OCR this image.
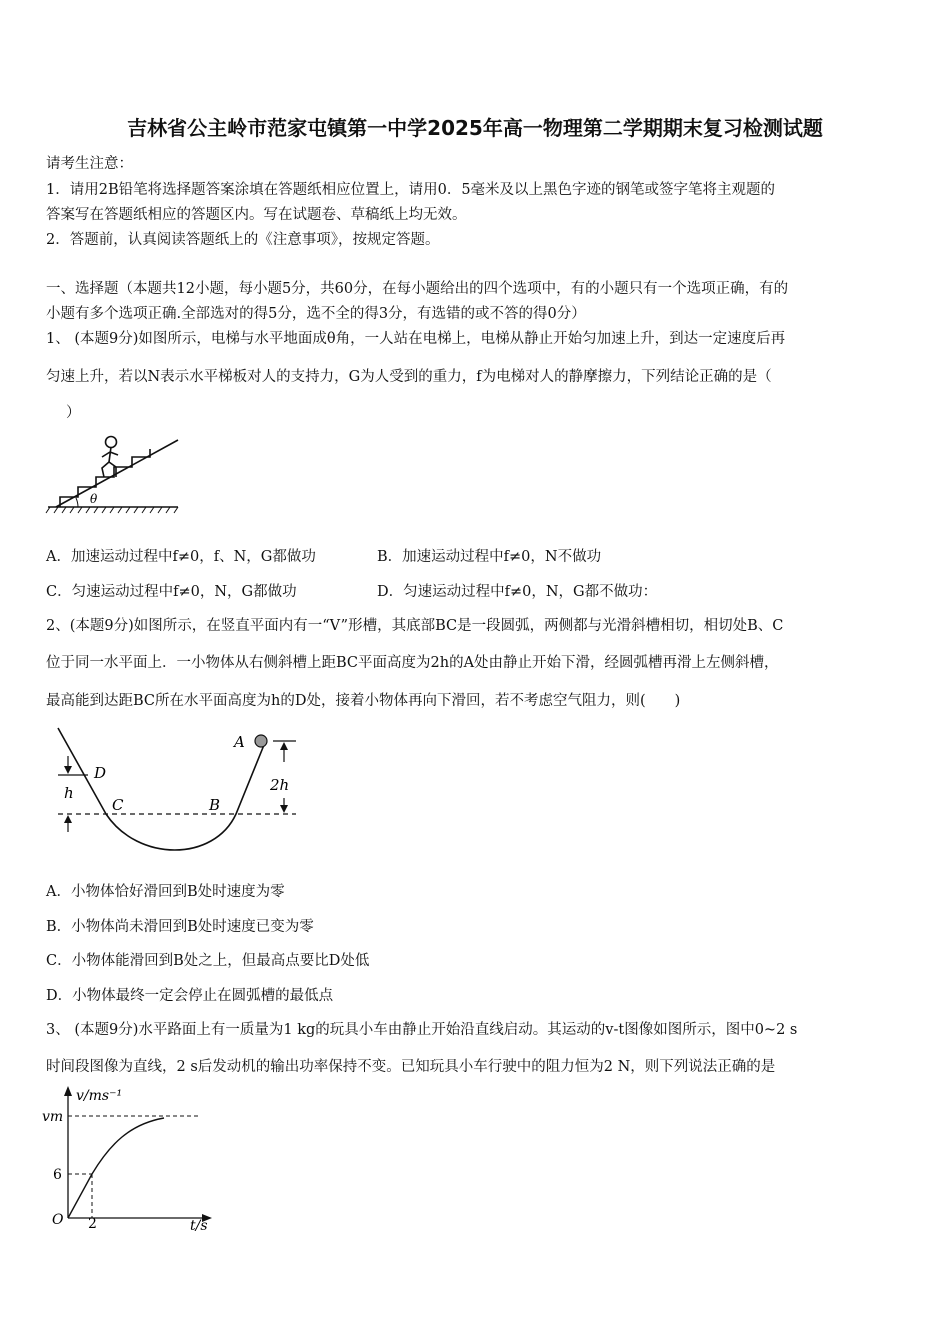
吉林省公主岭市范家屯镇第一中学2025年高一物理第二学期期末复习检测试题
请考生注意：
1．请用2B铅笔将选择题答案涂填在答题纸相应位置上，请用0．5毫米及以上黑色字迹的钢笔或签字笔将主观题的
答案写在答题纸相应的答题区内。写在试题卷、草稿纸上均无效。
2．答题前，认真阅读答题纸上的《注意事项》，按规定答题。
一、选择题（本题共12小题，每小题5分，共60分，在每小题给出的四个选项中，有的小题只有一个选项正确，有的
小题有多个选项正确.全部选对的得5分，选不全的得3分，有选错的或不答的得0分）
1、 (本题9分)如图所示，电梯与水平地面成θ角，一人站在电梯上，电梯从静止开始匀加速上升，到达一定速度后再
匀速上升，若以N表示水平梯板对人的支持力，G为人受到的重力，f为电梯对人的静摩擦力，下列结论正确的是（
）
θ
A．加速运动过程中f≠0，f、N，G都做功	B．加速运动过程中f≠0，N不做功
C．匀速运动过程中f≠0，N，G都做功	D．匀速运动过程中f≠0，N，G都不做功：
2、(本题9分)如图所示，在竖直平面内有一“V”形槽，其底部BC是一段圆弧，两侧都与光滑斜槽相切，相切处B、C
位于同一水平面上．一小物体从右侧斜槽上距BC平面高度为2h的A处由静止开始下滑，经圆弧槽再滑上左侧斜槽，
最高能到达距BC所在水平面高度为h的D处，接着小物体再向下滑回，若不考虑空气阻力，则(　　)
A
D
h
C	B
2h
A．小物体恰好滑回到B处时速度为零
B．小物体尚未滑回到B处时速度已变为零
C．小物体能滑回到B处之上，但最高点要比D处低
D．小物体最终一定会停止在圆弧槽的最低点
3、 (本题9分)水平路面上有一质量为1 kg的玩具小车由静止开始沿直线启动。其运动的v-t图像如图所示，图中0~2 s
时间段图像为直线，2 s后发动机的输出功率保持不变。已知玩具小车行驶中的阻力恒为2 N，则下列说法正确的是
v/ms⁻¹
vm
6
O 2	t/s
